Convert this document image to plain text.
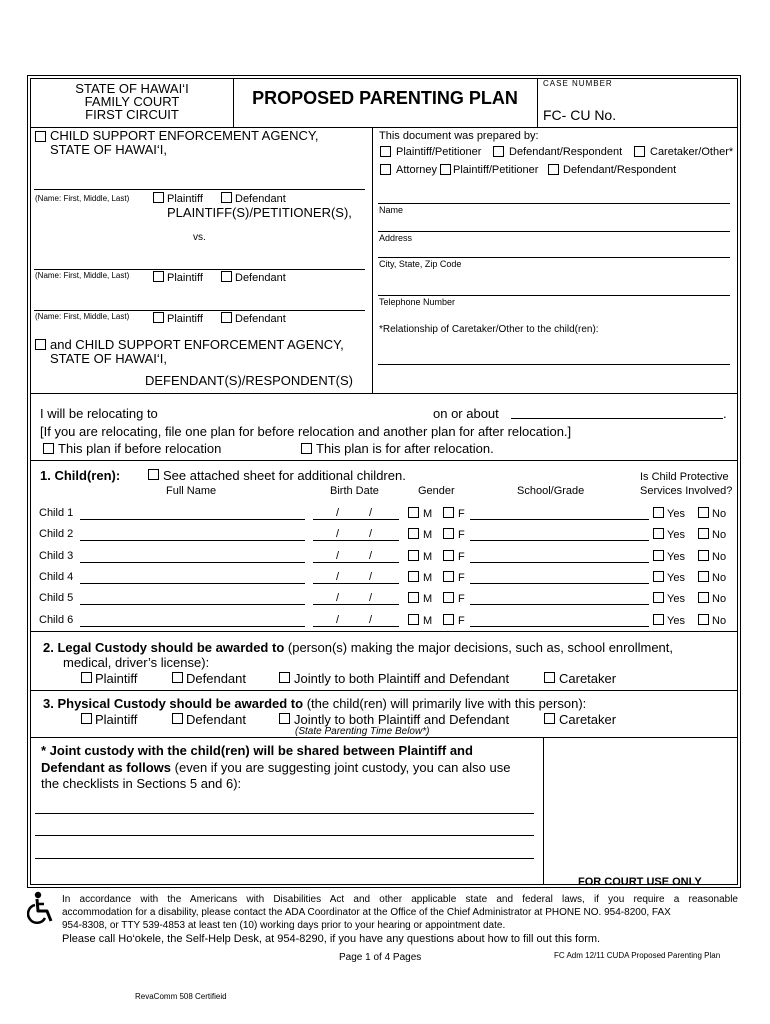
STATE OF HAWAI‘I
FAMILY COURT
FIRST CIRCUIT
PROPOSED PARENTING PLAN
CASE NUMBER
FC- CU No.
CHILD SUPPORT ENFORCEMENT AGENCY,
STATE OF HAWAI‘I,
(Name: First, Middle, Last)	Plaintiff	Defendant
PLAINTIFF(S)/PETITIONER(S),
vs.
(Name: First, Middle, Last)	Plaintiff	Defendant
(Name: First, Middle, Last)	Plaintiff	Defendant
and CHILD SUPPORT ENFORCEMENT AGENCY,
STATE OF HAWAI‘I,
DEFENDANT(S)/RESPONDENT(S)
This document was prepared by:
Plaintiff/Petitioner	Defendant/Respondent	Caretaker/Other*
Attorney Plaintiff/Petitioner Defendant/Respondent
Name
Address
City, State, Zip Code
Telephone Number
*Relationship of Caretaker/Other to the child(ren):
I will be relocating to	on or about	.
[If you are relocating, file one plan for before relocation and another plan for after relocation.]
This plan if before relocation	This plan is for after relocation.
1. Child(ren):	See attached sheet for additional children.
Full Name	Birth Date	Gender	School/Grade
Is Child Protective
Services Involved?
Child 1	/	/	M F	Yes No
Child 2	/	/	M F	Yes No
Child 3	/	/	M F	Yes No
Child 4	/	/	M F	Yes No
Child 5	/	/	M F	Yes No
Child 6	/	/	M F	Yes No
2. Legal Custody should be awarded to (person(s) making the major decisions, such as, school enrollment,
medical, driver’s license):
Plaintiff	Defendant	Jointly to both Plaintiff and Defendant	Caretaker
3. Physical Custody should be awarded to (the child(ren) will primarily live with this person):
Plaintiff	Defendant	Jointly to both Plaintiff and Defendant	Caretaker
(State Parenting Time Below*)
* Joint custody with the child(ren) will be shared between Plaintiff and
Defendant as follows (even if you are suggesting joint custody, you can also use
the checklists in Sections 5 and 6):
FOR COURT USE ONLY
In accordance with the Americans with Disabilities Act and other applicable state and federal laws, if you require a reasonable
accommodation for a disability, please contact the ADA Coordinator at the Office of the Chief Administrator at PHONE NO. 954-8200, FAX
954-8308, or TTY 539-4853 at least ten (10) working days prior to your hearing or appointment date.
Please call Ho‘okele, the Self-Help Desk, at 954-8290, if you have any questions about how to fill out this form.
Page 1 of 4 Pages	FC Adm 12/11 CUDA Proposed Parenting Plan
RevaComm 508 Certifieid
